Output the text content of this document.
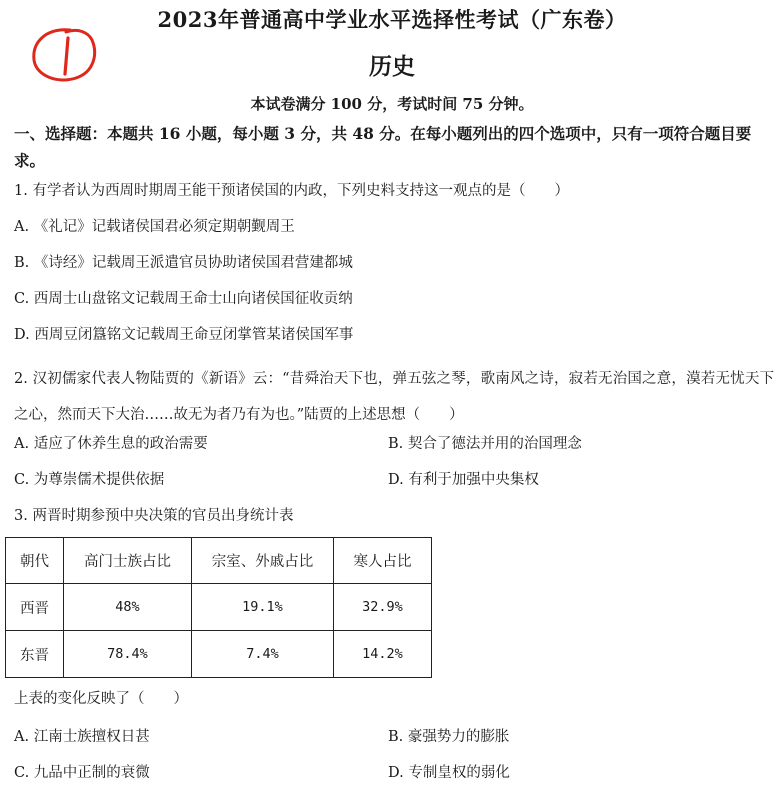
2023年普通高中学业水平选择性考试（广东卷）
历史
本试卷满分 100 分，考试时间 75 分钟。
一、选择题：本题共 16 小题，每小题 3 分，共 48 分。在每小题列出的四个选项中，只有一项符合题目要求。
1. 有学者认为西周时期周王能干预诸侯国的内政，下列史料支持这一观点的是（　　）
A. 《礼记》记载诸侯国君必须定期朝觐周王
B. 《诗经》记载周王派遣官员协助诸侯国君营建都城
C. 西周士山盘铭文记载周王命士山向诸侯国征收贡纳
D. 西周豆闭簋铭文记载周王命豆闭掌管某诸侯国军事
2. 汉初儒家代表人物陆贾的《新语》云：“昔舜治天下也，弹五弦之琴，歌南风之诗，寂若无治国之意，漠若无忧天下之心，然而天下大治……故无为者乃有为也。”陆贾的上述思想（　　）
A. 适应了休养生息的政治需要	B. 契合了德法并用的治国理念
C. 为尊崇儒术提供依据	D. 有利于加强中央集权
3. 两晋时期参预中央决策的官员出身统计表
朝代	高门士族占比	宗室、外戚占比	寒人占比
西晋	48%	19.1%	32.9%
东晋	78.4%	7.4%	14.2%
上表的变化反映了（　　）
A. 江南士族擅权日甚	B. 豪强势力的膨胀
C. 九品中正制的衰微	D. 专制皇权的弱化
